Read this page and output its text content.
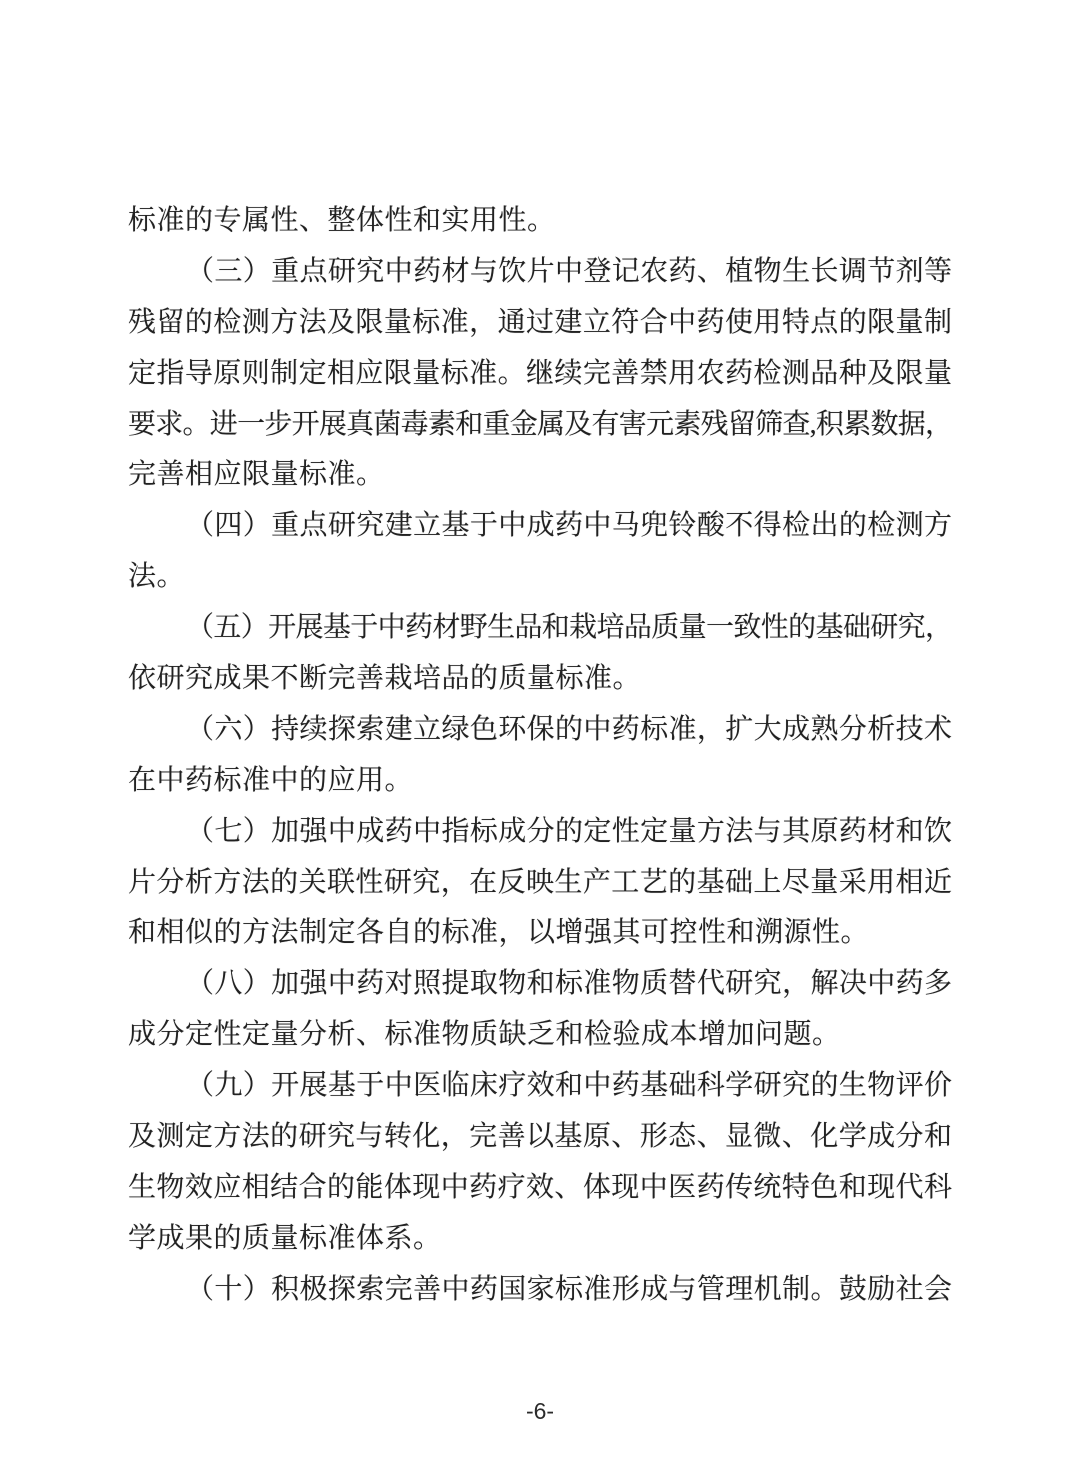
标准的专属性、整体性和实用性。
（三）重点研究中药材与饮片中登记农药、植物生长调节剂等
残留的检测方法及限量标准，通过建立符合中药使用特点的限量制
定指导原则制定相应限量标准。继续完善禁用农药检测品种及限量
要求。进一步开展真菌毒素和重金属及有害元素残留筛查,积累数据，
完善相应限量标准。
（四）重点研究建立基于中成药中马兜铃酸不得检出的检测方
法。
（五）开展基于中药材野生品和栽培品质量一致性的基础研究，
依研究成果不断完善栽培品的质量标准。
（六）持续探索建立绿色环保的中药标准，扩大成熟分析技术
在中药标准中的应用。
（七）加强中成药中指标成分的定性定量方法与其原药材和饮
片分析方法的关联性研究，在反映生产工艺的基础上尽量采用相近
和相似的方法制定各自的标准，以增强其可控性和溯源性。
（八）加强中药对照提取物和标准物质替代研究，解决中药多
成分定性定量分析、标准物质缺乏和检验成本增加问题。
（九）开展基于中医临床疗效和中药基础科学研究的生物评价
及测定方法的研究与转化，完善以基原、形态、显微、化学成分和
生物效应相结合的能体现中药疗效、体现中医药传统特色和现代科
学成果的质量标准体系。
（十）积极探索完善中药国家标准形成与管理机制。鼓励社会
-6-
